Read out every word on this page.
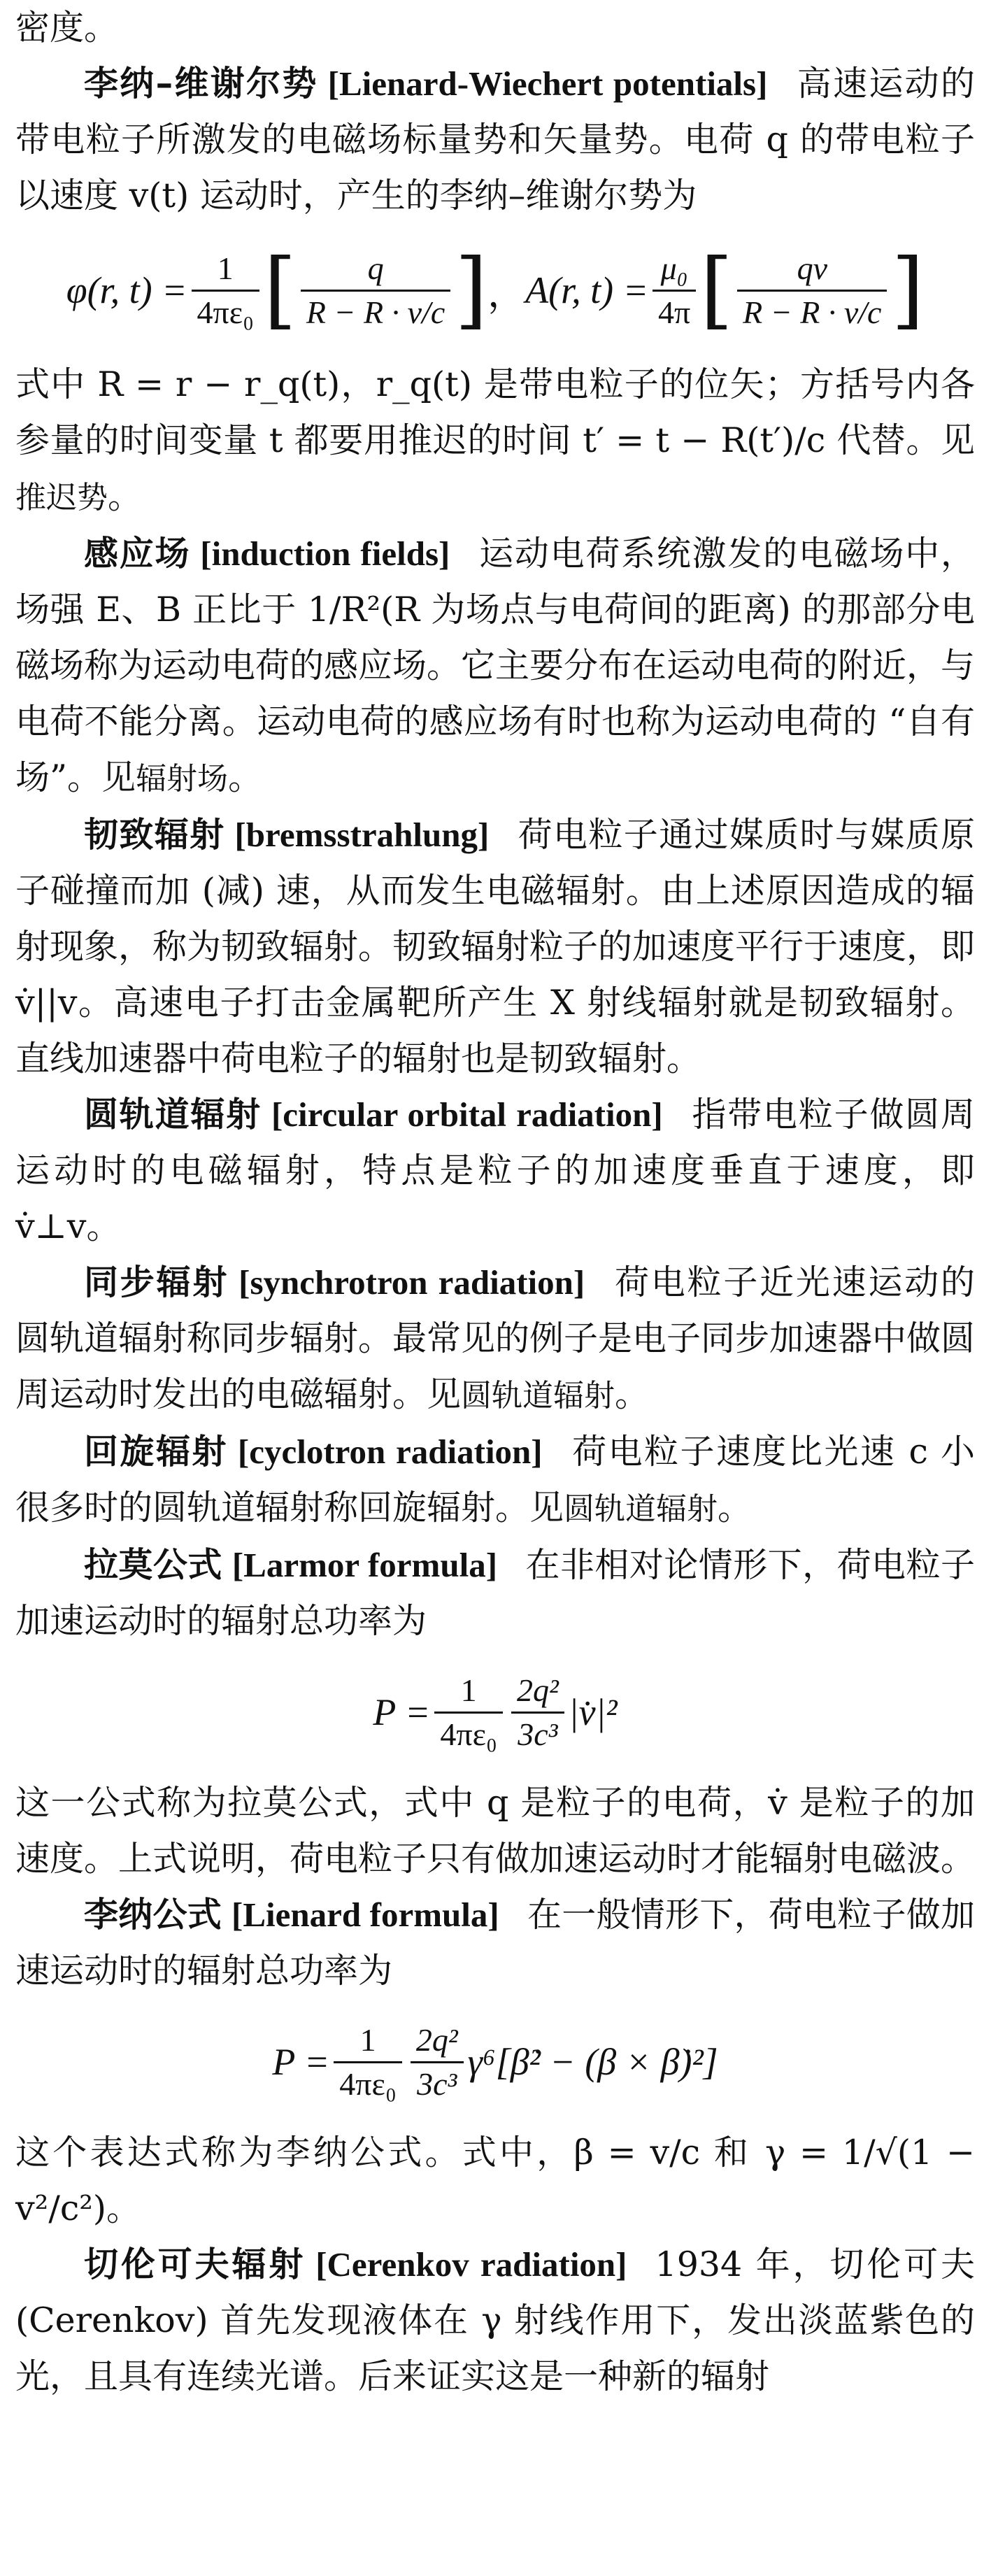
密度。

李纳–维谢尔势 [Lienard-Wiechert potentials] 高速运动的带电粒子所激发的电磁场标量势和矢量势。电荷 q 的带电粒子以速度 v(t) 运动时，产生的李纳–维谢尔势为

φ(r, $t) = \frac{1}{\text{4πε₀}}$ [ $\frac{q}{R - R \cdot v/c}$ ] ， A(r, $t) = \frac{\text{μ₀}}{4\pi}$ [ $\frac{qv}{R - R \cdot v/c}$ ]

式中 R = r − r_q(t)，r_q(t) 是带电粒子的位矢；方括号内各参量的时间变量 t 都要用推迟的时间 t′ = t − R(t′)/c 代替。见推迟势。

感应场 [induction fields] 运动电荷系统激发的电磁场中，场强 E、B 正比于 1/R²(R 为场点与电荷间的距离) 的那部分电磁场称为运动电荷的感应场。它主要分布在运动电荷的附近，与电荷不能分离。运动电荷的感应场有时也称为运动电荷的 “自有场”。见辐射场。

韧致辐射 [bremsstrahlung] 荷电粒子通过媒质时与媒质原子碰撞而加 (减) 速，从而发生电磁辐射。由上述原因造成的辐射现象，称为韧致辐射。韧致辐射粒子的加速度平行于速度，即 v̇||v。高速电子打击金属靶所产生 X 射线辐射就是韧致辐射。直线加速器中荷电粒子的辐射也是韧致辐射。

圆轨道辐射 [circular orbital radiation] 指带电粒子做圆周运动时的电磁辐射，特点是粒子的加速度垂直于速度，即 v̇⊥v。

同步辐射 [synchrotron radiation] 荷电粒子近光速运动的圆轨道辐射称同步辐射。最常见的例子是电子同步加速器中做圆周运动时发出的电磁辐射。见圆轨道辐射。

回旋辐射 [cyclotron radiation] 荷电粒子速度比光速 c 小很多时的圆轨道辐射称回旋辐射。见圆轨道辐射。

拉莫公式 [Larmor formula] 在非相对论情形下，荷电粒子加速运动时的辐射总功率为

$P = \frac{1}{\text{4πε₀}} \frac{\text{2q²}}{\text{3c³}}$ |v̇|²

这一公式称为拉莫公式，式中 q 是粒子的电荷，v̇ 是粒子的加速度。上式说明，荷电粒子只有做加速运动时才能辐射电磁波。

李纳公式 [Lienard formula] 在一般情形下，荷电粒子做加速运动时的辐射总功率为

$P = \frac{1}{\text{4πε₀}} \frac{\text{2q²}}{\text{3c³}}$ γ⁶[β̇² − (β × β̇)²]

这个表达式称为李纳公式。式中，β = v/c 和 γ = 1/√(1 − v²/c²)。

切伦可夫辐射 [Cerenkov radiation] 1934 年，切伦可夫 (Cerenkov) 首先发现液体在 γ 射线作用下，发出淡蓝紫色的光，且具有连续光谱。后来证实这是一种新的辐射
